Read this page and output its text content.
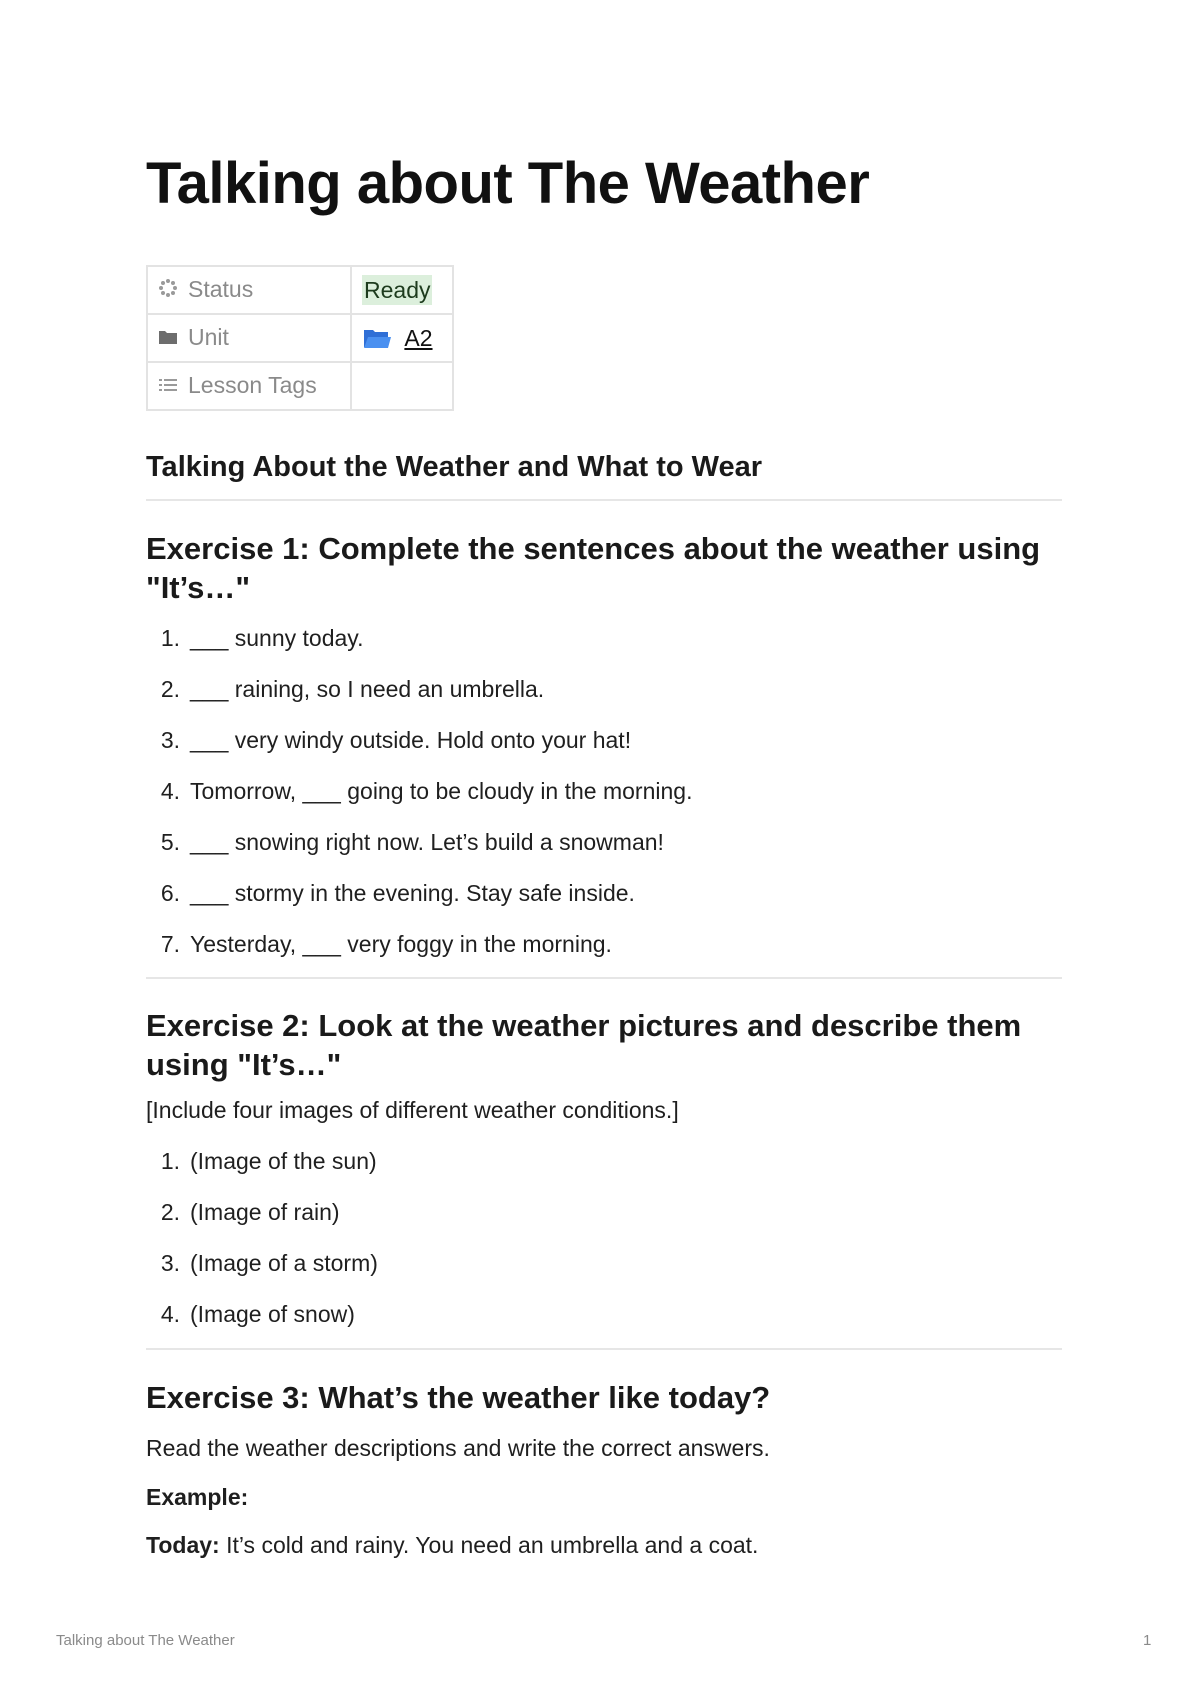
Talking about The Weather
Status	Ready
Unit	A2
Lesson Tags	
Talking About the Weather and What to Wear
Exercise 1: Complete the sentences about the weather using "It’s…"
1. ___ sunny today.
2. ___ raining, so I need an umbrella.
3. ___ very windy outside. Hold onto your hat!
4. Tomorrow, ___ going to be cloudy in the morning.
5. ___ snowing right now. Let’s build a snowman!
6. ___ stormy in the evening. Stay safe inside.
7. Yesterday, ___ very foggy in the morning.
Exercise 2: Look at the weather pictures and describe them using "It’s…"

[Include four images of different weather conditions.]

1. (Image of the sun)
2. (Image of rain)
3. (Image of a storm)
4. (Image of snow)
Exercise 3: What’s the weather like today?

Read the weather descriptions and write the correct answers.

Example:

Today: It’s cold and rainy. You need an umbrella and a coat.

Talking about The Weather	1
